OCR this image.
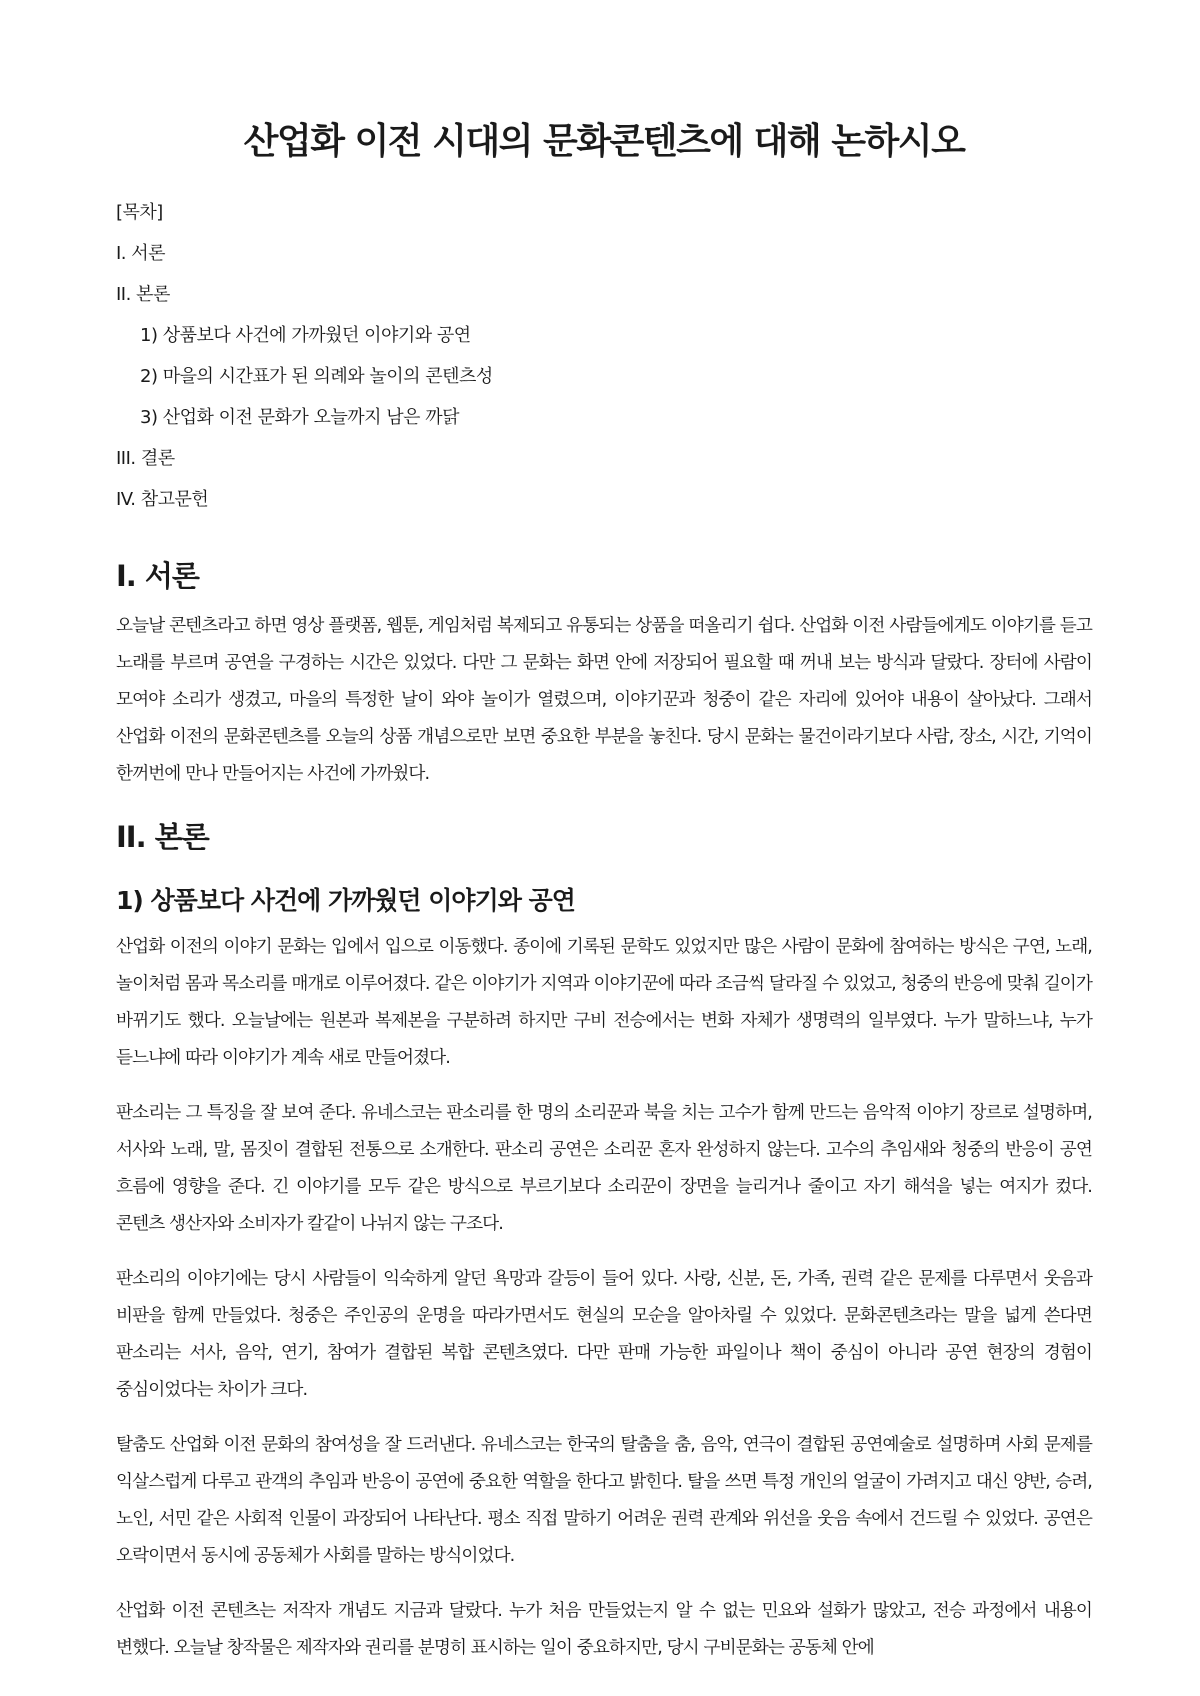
산업화 이전 시대의 문화콘텐츠에 대해 논하시오
[목차]
I. 서론
II. 본론
1) 상품보다 사건에 가까웠던 이야기와 공연
2) 마을의 시간표가 된 의례와 놀이의 콘텐츠성
3) 산업화 이전 문화가 오늘까지 남은 까닭
III. 결론
IV. 참고문헌
I. 서론

오늘날 콘텐츠라고 하면 영상 플랫폼, 웹툰, 게임처럼 복제되고 유통되는 상품을 떠올리기 쉽다. 산업화 이전 사람들에게도 이야기를 듣고 노래를 부르며 공연을 구경하는 시간은 있었다. 다만 그 문화는 화면 안에 저장되어 필요할 때 꺼내 보는 방식과 달랐다. 장터에 사람이 모여야 소리가 생겼고, 마을의 특정한 날이 와야 놀이가 열렸으며, 이야기꾼과 청중이 같은 자리에 있어야 내용이 살아났다. 그래서 산업화 이전의 문화콘텐츠를 오늘의 상품 개념으로만 보면 중요한 부분을 놓친다. 당시 문화는 물건이라기보다 사람, 장소, 시간, 기억이 한꺼번에 만나 만들어지는 사건에 가까웠다.

II. 본론
1) 상품보다 사건에 가까웠던 이야기와 공연

산업화 이전의 이야기 문화는 입에서 입으로 이동했다. 종이에 기록된 문학도 있었지만 많은 사람이 문화에 참여하는 방식은 구연, 노래, 놀이처럼 몸과 목소리를 매개로 이루어졌다. 같은 이야기가 지역과 이야기꾼에 따라 조금씩 달라질 수 있었고, 청중의 반응에 맞춰 길이가 바뀌기도 했다. 오늘날에는 원본과 복제본을 구분하려 하지만 구비 전승에서는 변화 자체가 생명력의 일부였다. 누가 말하느냐, 누가 듣느냐에 따라 이야기가 계속 새로 만들어졌다.

판소리는 그 특징을 잘 보여 준다. 유네스코는 판소리를 한 명의 소리꾼과 북을 치는 고수가 함께 만드는 음악적 이야기 장르로 설명하며, 서사와 노래, 말, 몸짓이 결합된 전통으로 소개한다. 판소리 공연은 소리꾼 혼자 완성하지 않는다. 고수의 추임새와 청중의 반응이 공연 흐름에 영향을 준다. 긴 이야기를 모두 같은 방식으로 부르기보다 소리꾼이 장면을 늘리거나 줄이고 자기 해석을 넣는 여지가 컸다. 콘텐츠 생산자와 소비자가 칼같이 나뉘지 않는 구조다.

판소리의 이야기에는 당시 사람들이 익숙하게 알던 욕망과 갈등이 들어 있다. 사랑, 신분, 돈, 가족, 권력 같은 문제를 다루면서 웃음과 비판을 함께 만들었다. 청중은 주인공의 운명을 따라가면서도 현실의 모순을 알아차릴 수 있었다. 문화콘텐츠라는 말을 넓게 쓴다면 판소리는 서사, 음악, 연기, 참여가 결합된 복합 콘텐츠였다. 다만 판매 가능한 파일이나 책이 중심이 아니라 공연 현장의 경험이 중심이었다는 차이가 크다.

탈춤도 산업화 이전 문화의 참여성을 잘 드러낸다. 유네스코는 한국의 탈춤을 춤, 음악, 연극이 결합된 공연예술로 설명하며 사회 문제를 익살스럽게 다루고 관객의 추임과 반응이 공연에 중요한 역할을 한다고 밝힌다. 탈을 쓰면 특정 개인의 얼굴이 가려지고 대신 양반, 승려, 노인, 서민 같은 사회적 인물이 과장되어 나타난다. 평소 직접 말하기 어려운 권력 관계와 위선을 웃음 속에서 건드릴 수 있었다. 공연은 오락이면서 동시에 공동체가 사회를 말하는 방식이었다.

산업화 이전 콘텐츠는 저작자 개념도 지금과 달랐다. 누가 처음 만들었는지 알 수 없는 민요와 설화가 많았고, 전승 과정에서 내용이 변했다. 오늘날 창작물은 제작자와 권리를 분명히 표시하는 일이 중요하지만, 당시 구비문화는 공동체 안에
